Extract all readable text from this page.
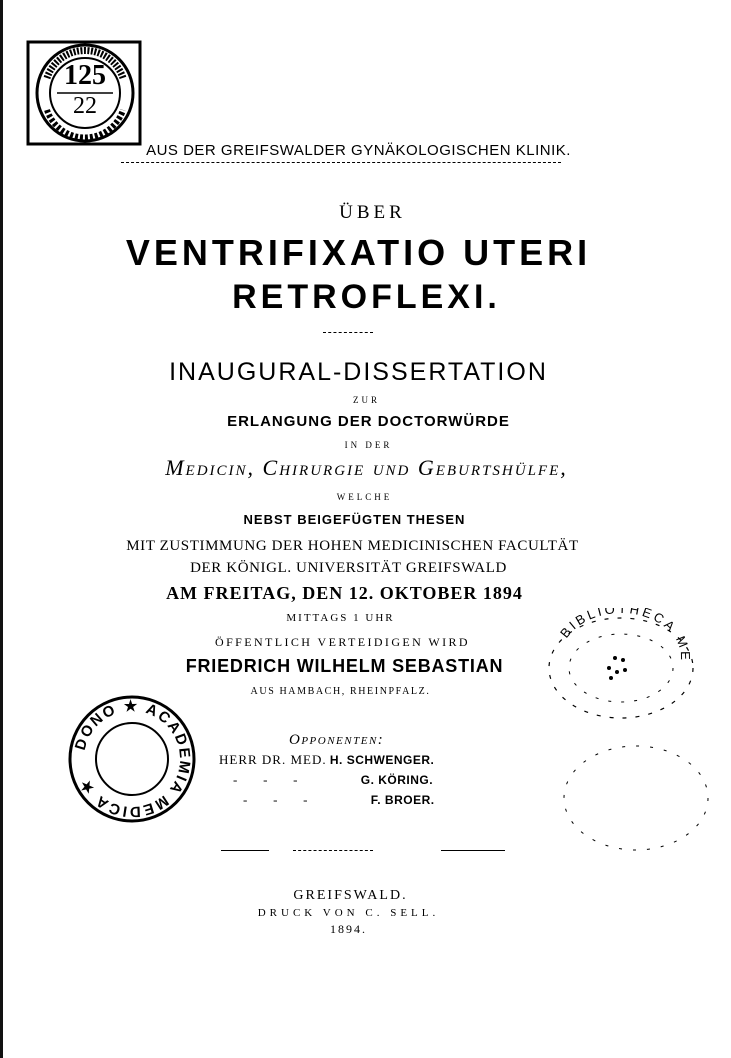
125
22
AUS DER GREIFSWALDER GYNÄKOLOGISCHEN KLINIK.
ÜBER
VENTRIFIXATIO UTERI
RETROFLEXI.
INAUGURAL-DISSERTATION
ZUR
ERLANGUNG DER DOCTORWÜRDE
IN DER
Medicin, Chirurgie und Geburtshülfe,
WELCHE
NEBST BEIGEFÜGTEN THESEN
MIT ZUSTIMMUNG DER HOHEN MEDICINISCHEN FACULTÄT
DER KÖNIGL. UNIVERSITÄT GREIFSWALD
AM FREITAG, DEN 12. OKTOBER 1894
MITTAGS 1 UHR
ÖFFENTLICH VERTEIDIGEN WIRD
FRIEDRICH WILHELM SEBASTIAN
AUS HAMBACH, RHEINPFALZ.
Opponenten:
HERR DR. MED. H. SCHWENGER.
-   -   -	G. KÖRING.
-   -   -	F. BROER.
GREIFSWALD.
DRUCK VON C. SELL.
1894.
DONO ★ ACADEMIA MEDICA ★
BIBLIOTHECA ME
